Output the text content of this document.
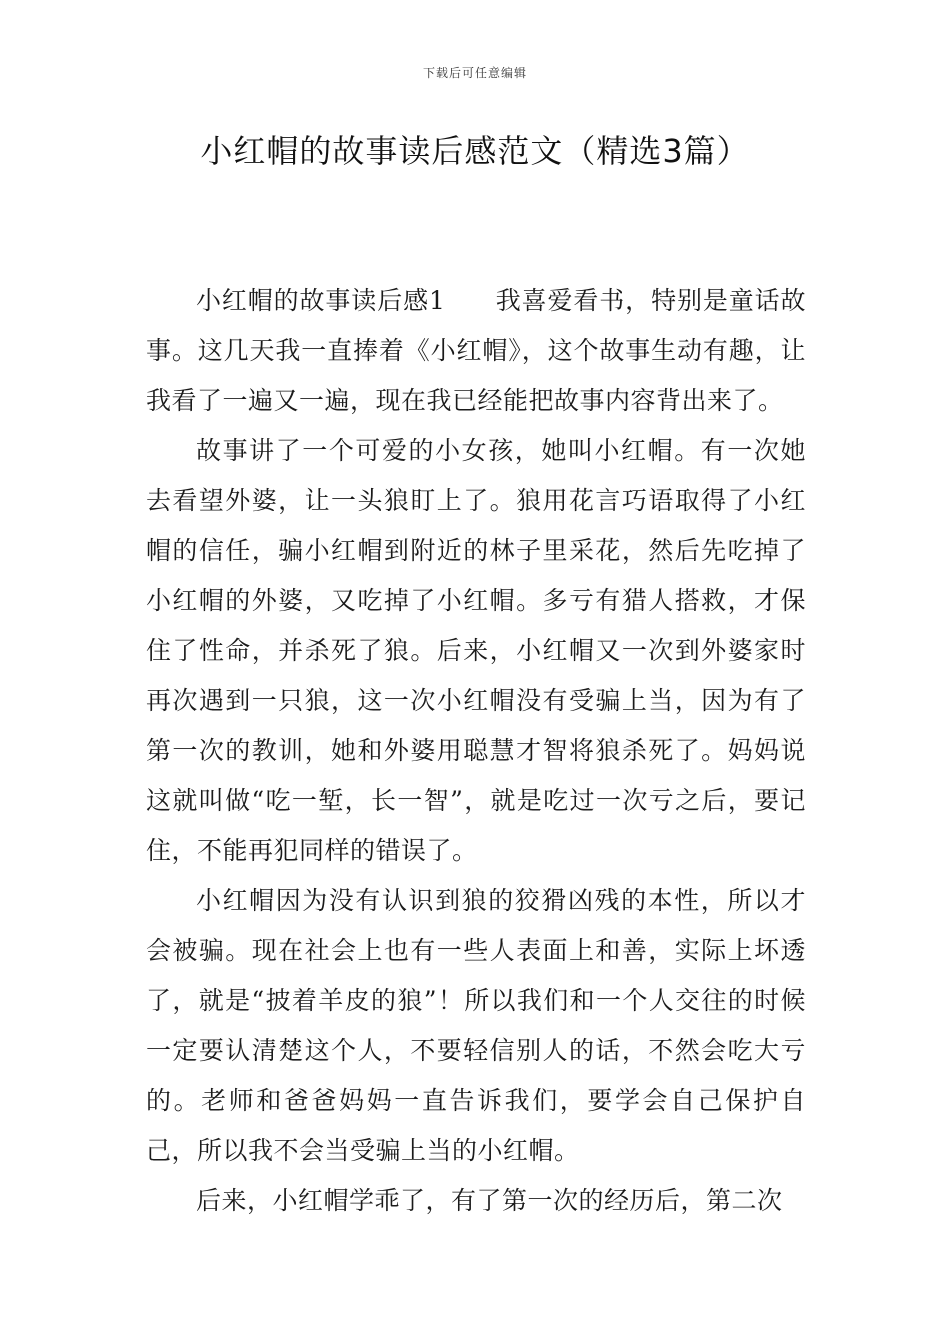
下载后可任意编辑
小红帽的故事读后感范文（精选3篇）

小红帽的故事读后感1 我喜爱看书，特别是童话故事。这几天我一直捧着《小红帽》，这个故事生动有趣，让我看了一遍又一遍，现在我已经能把故事内容背出来了。

故事讲了一个可爱的小女孩，她叫小红帽。有一次她去看望外婆，让一头狼盯上了。狼用花言巧语取得了小红帽的信任，骗小红帽到附近的林子里采花，然后先吃掉了小红帽的外婆，又吃掉了小红帽。多亏有猎人搭救，才保住了性命，并杀死了狼。后来，小红帽又一次到外婆家时再次遇到一只狼，这一次小红帽没有受骗上当，因为有了第一次的教训，她和外婆用聪慧才智将狼杀死了。妈妈说这就叫做“吃一堑，长一智”，就是吃过一次亏之后，要记住，不能再犯同样的错误了。

小红帽因为没有认识到狼的狡猾凶残的本性，所以才会被骗。现在社会上也有一些人表面上和善，实际上坏透了，就是“披着羊皮的狼”！所以我们和一个人交往的时候一定要认清楚这个人，不要轻信别人的话，不然会吃大亏的。老师和爸爸妈妈一直告诉我们，要学会自己保护自己，所以我不会当受骗上当的小红帽。

后来，小红帽学乖了，有了第一次的经历后，第二次
